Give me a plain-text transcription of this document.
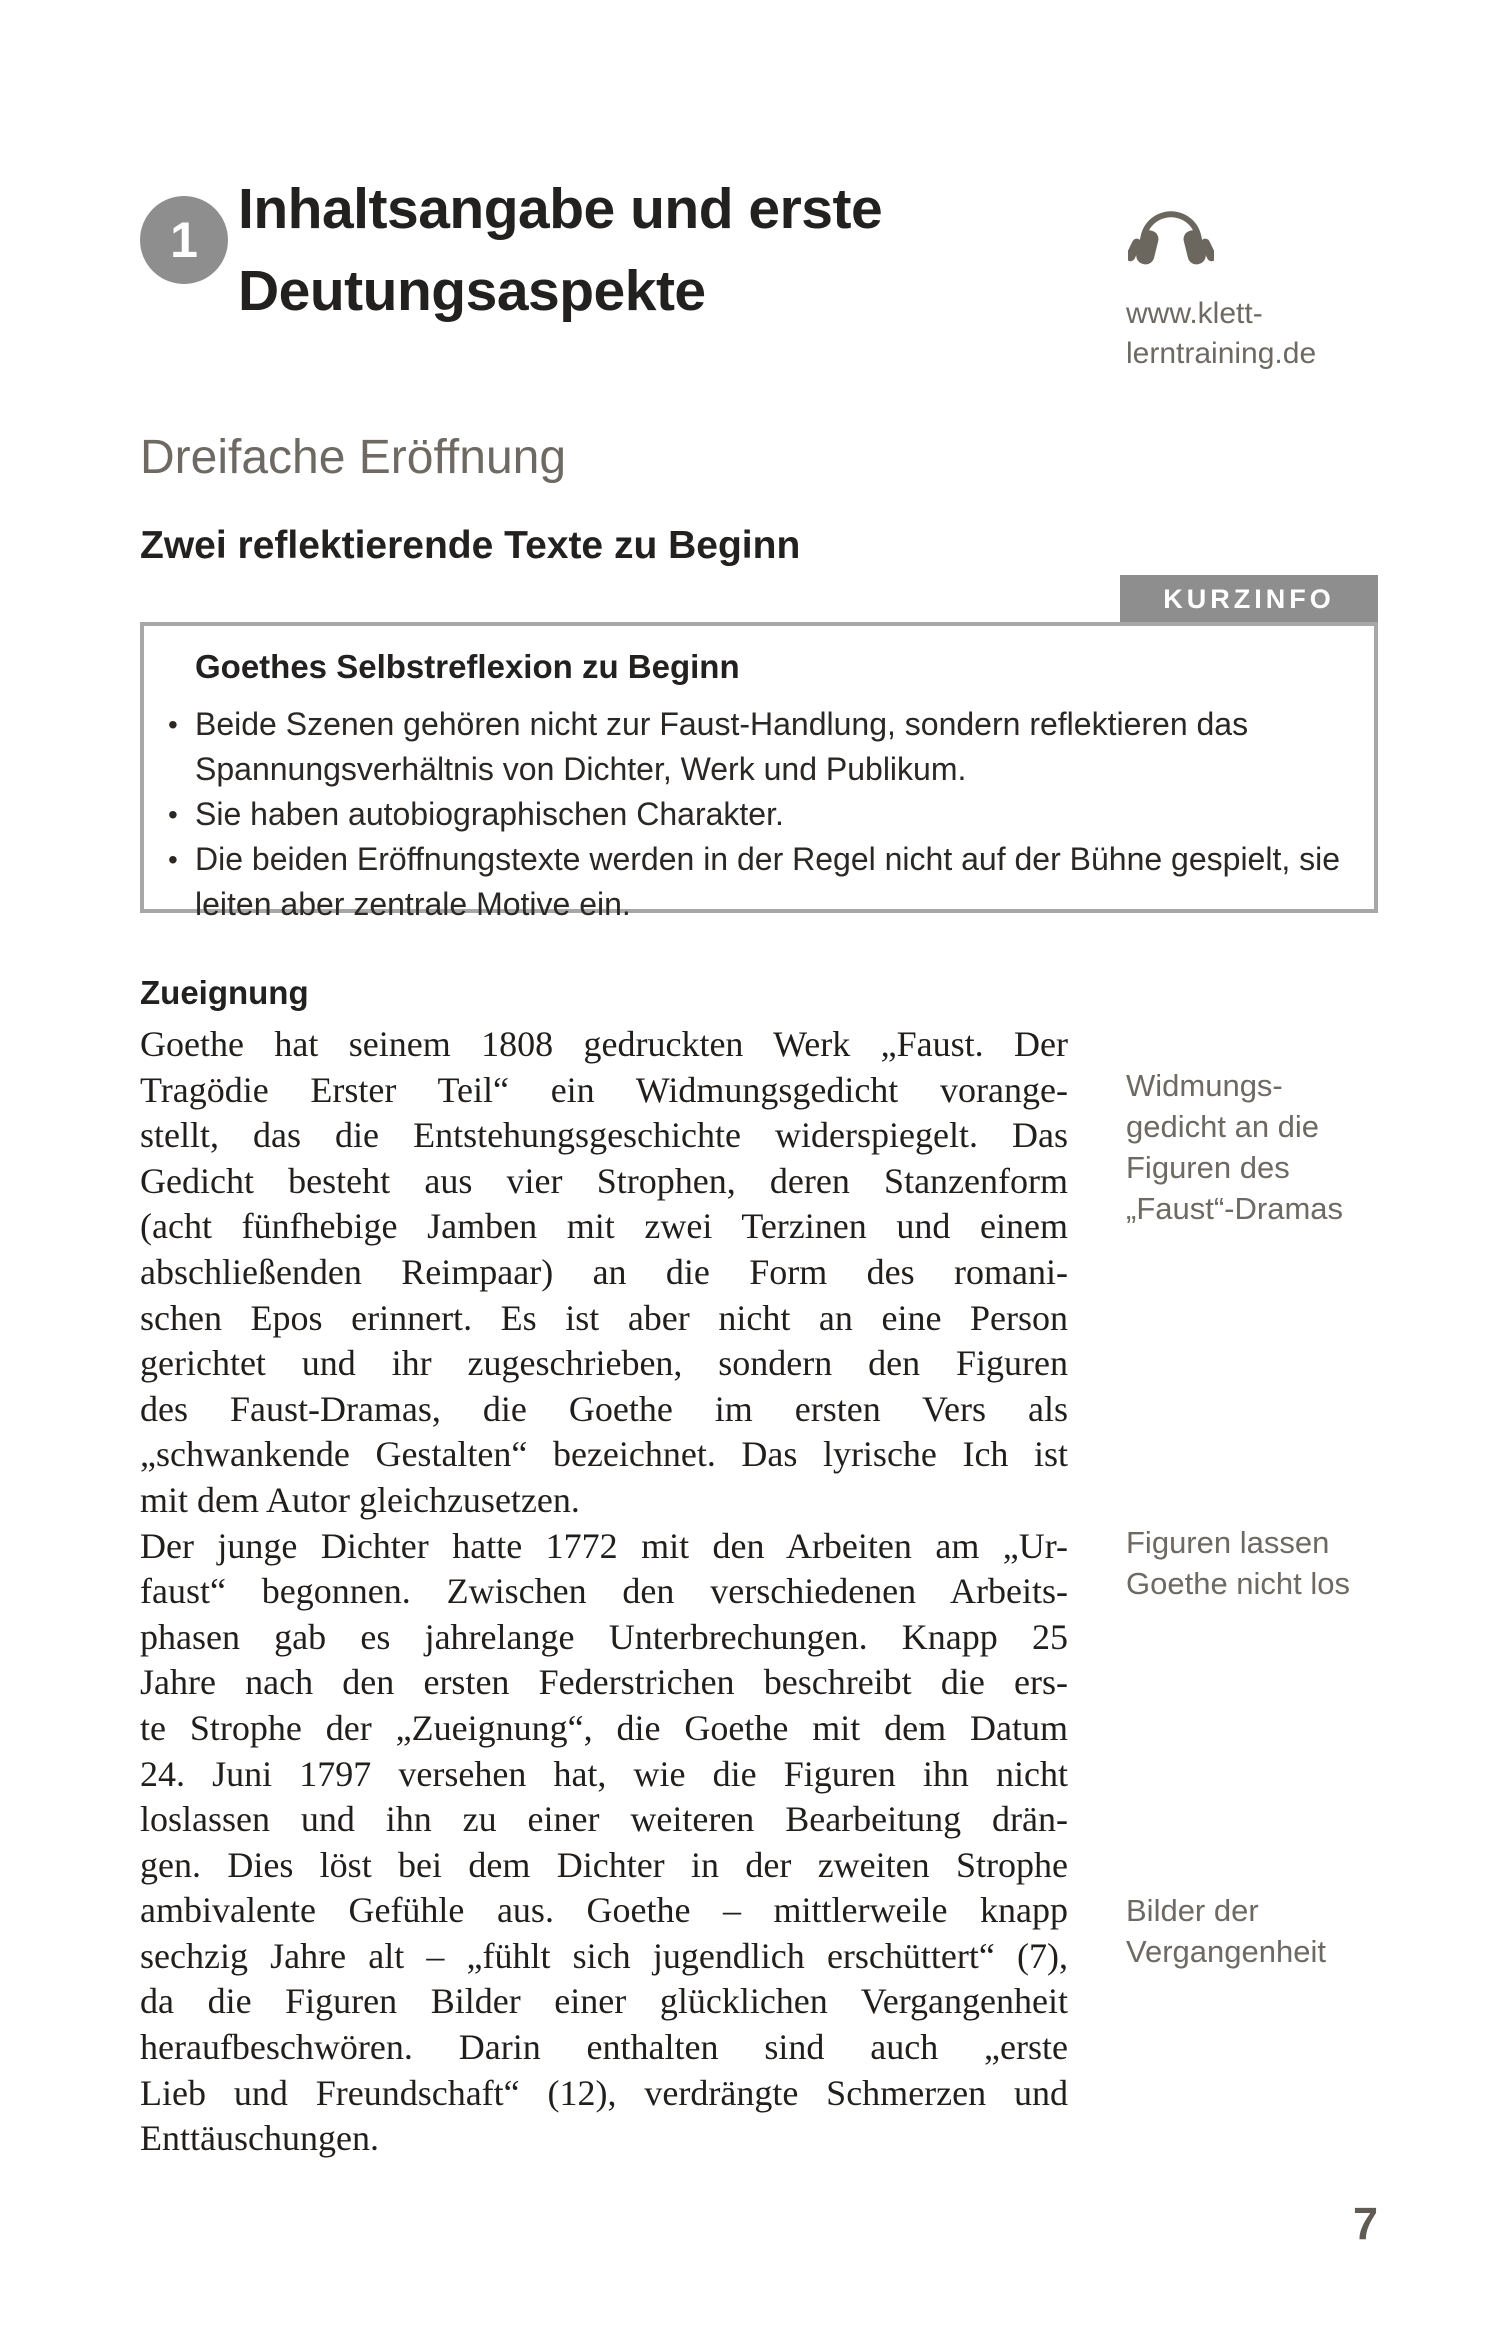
1 Inhaltsangabe und erste Deutungsaspekte	www.klett-lerntraining.de
Dreifache Eröffnung
Zwei reflektierende Texte zu Beginn
KURZINFO
Goethes Selbstreflexion zu Beginn
• Beide Szenen gehören nicht zur Faust-Handlung, sondern reflektieren das Spannungsverhältnis von Dichter, Werk und Publikum.
• Sie haben autobiographischen Charakter.
• Die beiden Eröffnungstexte werden in der Regel nicht auf der Bühne gespielt, sie leiten aber zentrale Motive ein.
Zueignung
Goethe hat seinem 1808 gedruckten Werk „Faust. Der
Tragödie Erster Teil“ ein Widmungsgedicht vorange-
stellt, das die Entstehungsgeschichte widerspiegelt. Das
Gedicht besteht aus vier Strophen, deren Stanzenform
(acht fünfhebige Jamben mit zwei Terzinen und einem
abschließenden Reimpaar) an die Form des romani-
schen Epos erinnert. Es ist aber nicht an eine Person
gerichtet und ihr zugeschrieben, sondern den Figuren
des Faust-Dramas, die Goethe im ersten Vers als
„schwankende Gestalten“ bezeichnet. Das lyrische Ich ist
mit dem Autor gleichzusetzen.
Der junge Dichter hatte 1772 mit den Arbeiten am „Ur-
faust“ begonnen. Zwischen den verschiedenen Arbeits-
phasen gab es jahrelange Unterbrechungen. Knapp 25
Jahre nach den ersten Federstrichen beschreibt die ers-
te Strophe der „Zueignung“, die Goethe mit dem Datum
24. Juni 1797 versehen hat, wie die Figuren ihn nicht
loslassen und ihn zu einer weiteren Bearbeitung drän-
gen. Dies löst bei dem Dichter in der zweiten Strophe
ambivalente Gefühle aus. Goethe – mittlerweile knapp
sechzig Jahre alt – „fühlt sich jugendlich erschüttert“ (7),
da die Figuren Bilder einer glücklichen Vergangenheit
heraufbeschwören. Darin enthalten sind auch „erste
Lieb und Freundschaft“ (12), verdrängte Schmerzen und
Enttäuschungen.
Widmungs-
gedicht an die
Figuren des
„Faust“-Dramas
Figuren lassen
Goethe nicht los
Bilder der
Vergangenheit
7
